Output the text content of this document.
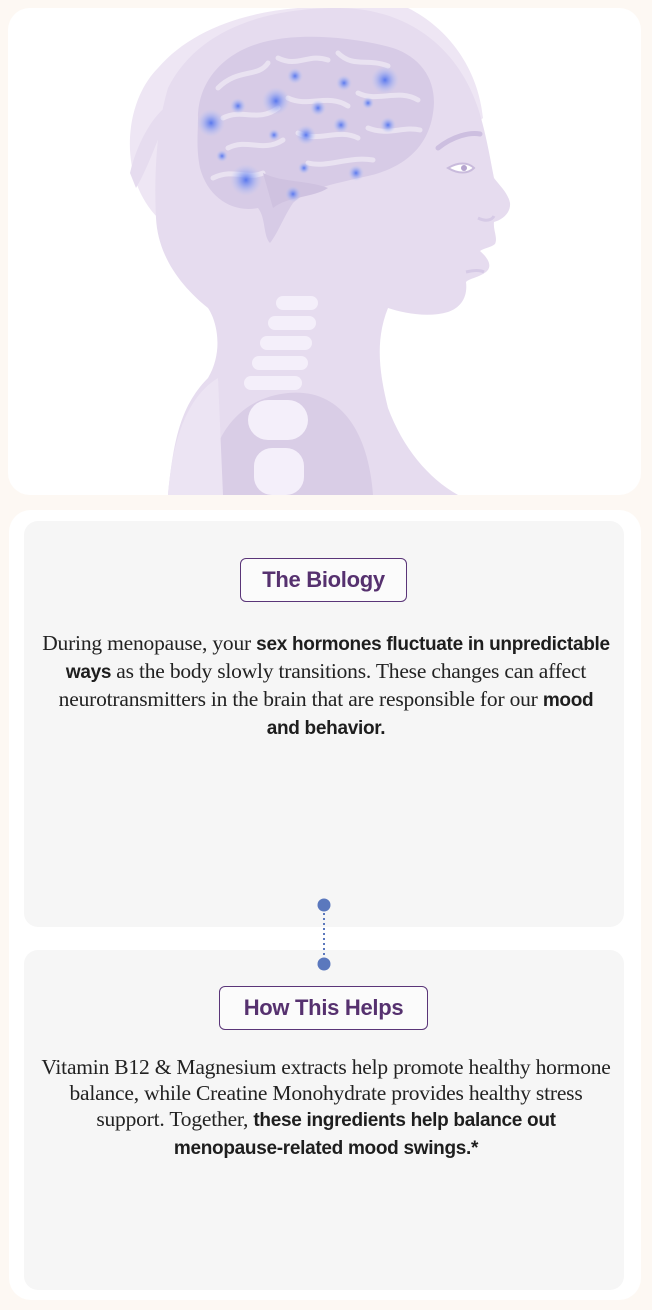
The Biology
During menopause, your sex hormones fluctuate in unpredictable ways as the body slowly transitions. These changes can affect neurotransmitters in the brain that are responsible for our mood and behavior.
How This Helps
Vitamin B12 & Magnesium extracts help promote healthy hormone balance, while Creatine Monohydrate provides healthy stress support. Together, these ingredients help balance out menopause-related mood swings.*
